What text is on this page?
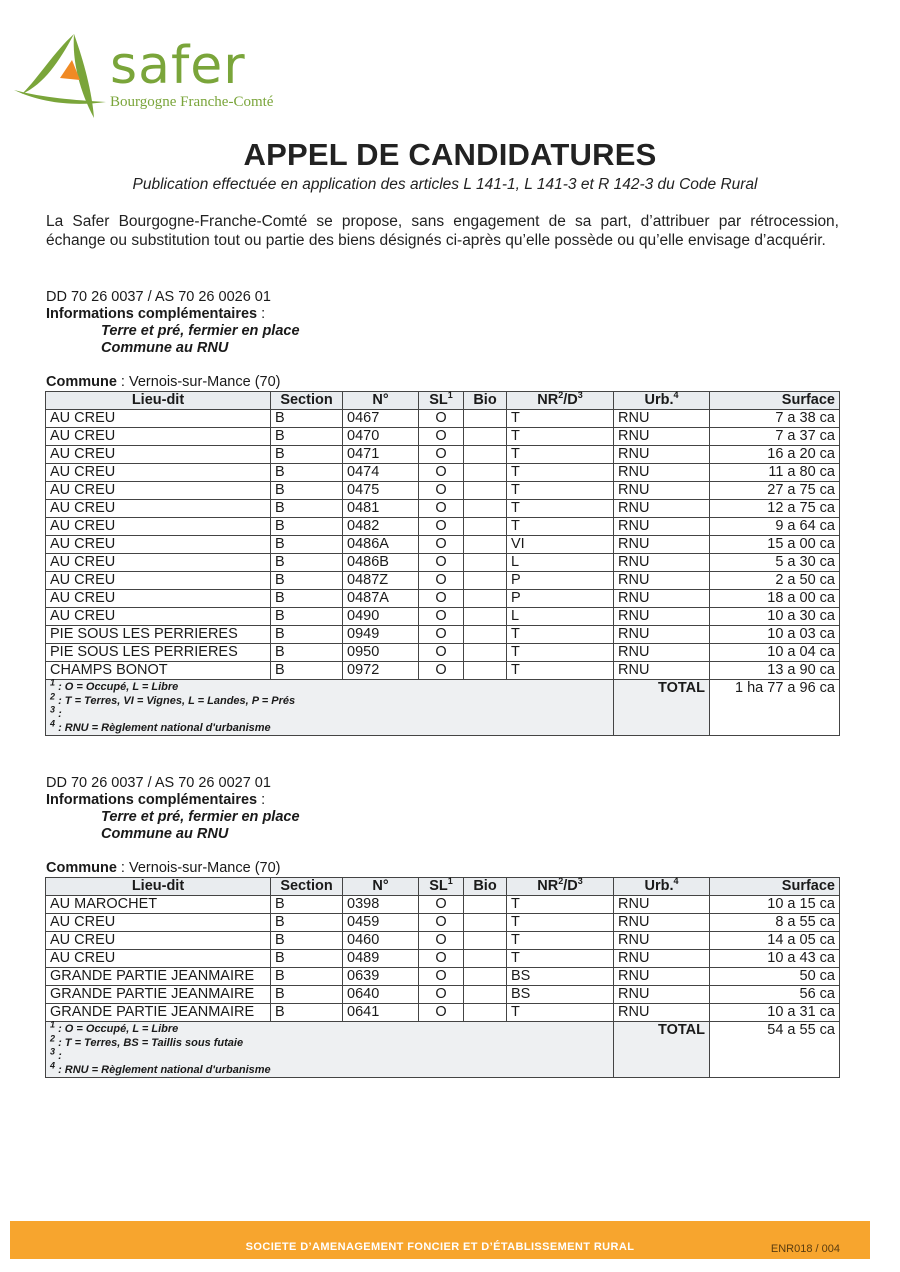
safer
Bourgogne Franche-Comté
APPEL DE CANDIDATURES
Publication effectuée en application des articles L 141-1, L 141-3 et R 142-3 du Code Rural
La Safer Bourgogne-Franche-Comté se propose, sans engagement de sa part, d’attribuer par rétrocession, échange ou substitution tout ou partie des biens désignés ci-après qu’elle possède ou qu’elle envisage d’acquérir.
DD 70 26 0037 / AS 70 26 0026 01
Informations complémentaires :
Terre et pré, fermier en place
Commune au RNU
Commune : Vernois-sur-Mance (70)
Lieu-dit	Section	N°	$SL^1$	Bio	$NR^2/D^3$	Urb.$^4$	Surface
AU CREU	B	0467	O		T	RNU	7 a 38 ca
AU CREU	B	0470	O		T	RNU	7 a 37 ca
AU CREU	B	0471	O		T	RNU	16 a 20 ca
AU CREU	B	0474	O		T	RNU	11 a 80 ca
AU CREU	B	0475	O		T	RNU	27 a 75 ca
AU CREU	B	0481	O		T	RNU	12 a 75 ca
AU CREU	B	0482	O		T	RNU	9 a 64 ca
AU CREU	B	0486A	O		VI	RNU	15 a 00 ca
AU CREU	B	0486B	O		L	RNU	5 a 30 ca
AU CREU	B	0487Z	O		P	RNU	2 a 50 ca
AU CREU	B	0487A	O		P	RNU	18 a 00 ca
AU CREU	B	0490	O		L	RNU	10 a 30 ca
PIE SOUS LES PERRIERES	B	0949	O		T	RNU	10 a 03 ca
PIE SOUS LES PERRIERES	B	0950	O		T	RNU	10 a 04 ca
CHAMPS BONOT	B	0972	O		T	RNU	13 a 90 ca

$^1$ : O = Occupé, L = Libre
$^2$ : T = Terres, VI = Vignes, L = Landes, P = Prés
$^3$ :
$^4$ : RNU = Règlement national d'urbanisme						TOTAL	1 ha 77 a 96 ca
DD 70 26 0037 / AS 70 26 0027 01
Informations complémentaires :
Terre et pré, fermier en place
Commune au RNU
Commune : Vernois-sur-Mance (70)
Lieu-dit	Section	N°	$SL^1$	Bio	$NR^2/D^3$	Urb.$^4$	Surface
AU MAROCHET	B	0398	O		T	RNU	10 a 15 ca
AU CREU	B	0459	O		T	RNU	8 a 55 ca
AU CREU	B	0460	O		T	RNU	14 a 05 ca
AU CREU	B	0489	O		T	RNU	10 a 43 ca
GRANDE PARTIE JEANMAIRE	B	0639	O		BS	RNU	50 ca
GRANDE PARTIE JEANMAIRE	B	0640	O		BS	RNU	56 ca
GRANDE PARTIE JEANMAIRE	B	0641	O		T	RNU	10 a 31 ca

$^1$ : O = Occupé, L = Libre
$^2$ : T = Terres, BS = Taillis sous futaie
$^3$ :
$^4$ : RNU = Règlement national d'urbanisme						TOTAL	54 a 55 ca
SOCIETE D’AMENAGEMENT FONCIER ET D’ÉTABLISSEMENT RURAL	ENR018 / 004
